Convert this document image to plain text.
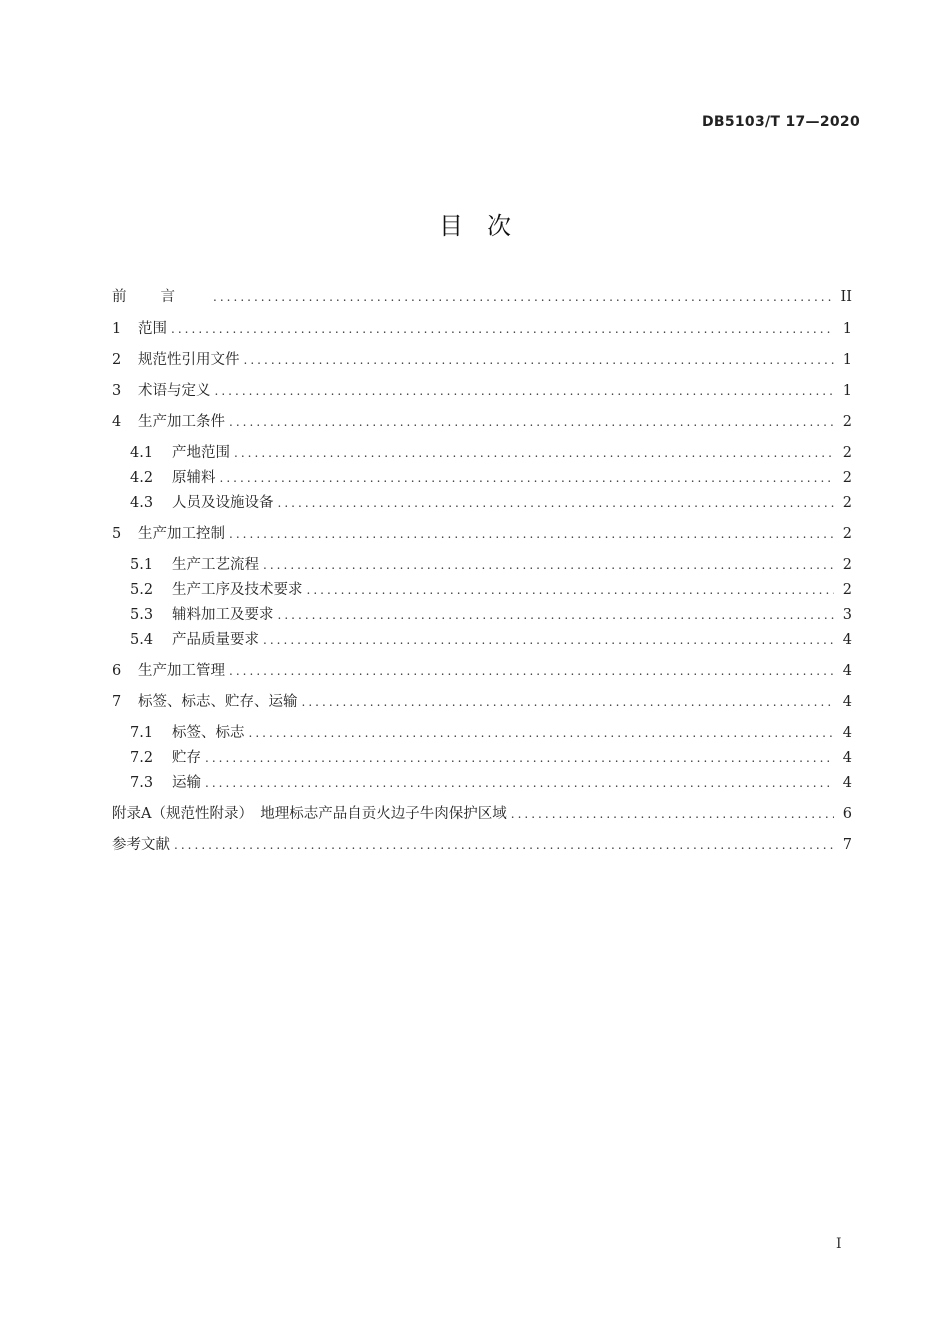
DB5103/T 17—2020
目次
前言 . . .	II
1	范围 . . .	1
2	规范性引用文件 . . .	1
3	术语与定义 . . .	1
4	生产加工条件 . . .	2
4.1	产地范围 . . .	2
4.2	原辅料 . . .	2
4.3	人员及设施设备 . . .	2
5	生产加工控制 . . .	2
5.1	生产工艺流程 . . .	2
5.2	生产工序及技术要求 . . .	2
5.3	辅料加工及要求 . . .	3
5.4	产品质量要求 . . .	4
6	生产加工管理 . . .	4
7	标签、标志、贮存、运输 . . .	4
7.1	标签、标志 . . .	4
7.2	贮存 . . .	4
7.3	运输 . . .	4
附录A（规范性附录）　地理标志产品自贡火边子牛肉保护区域 . . .	6
参考文献 . . .	7
I
